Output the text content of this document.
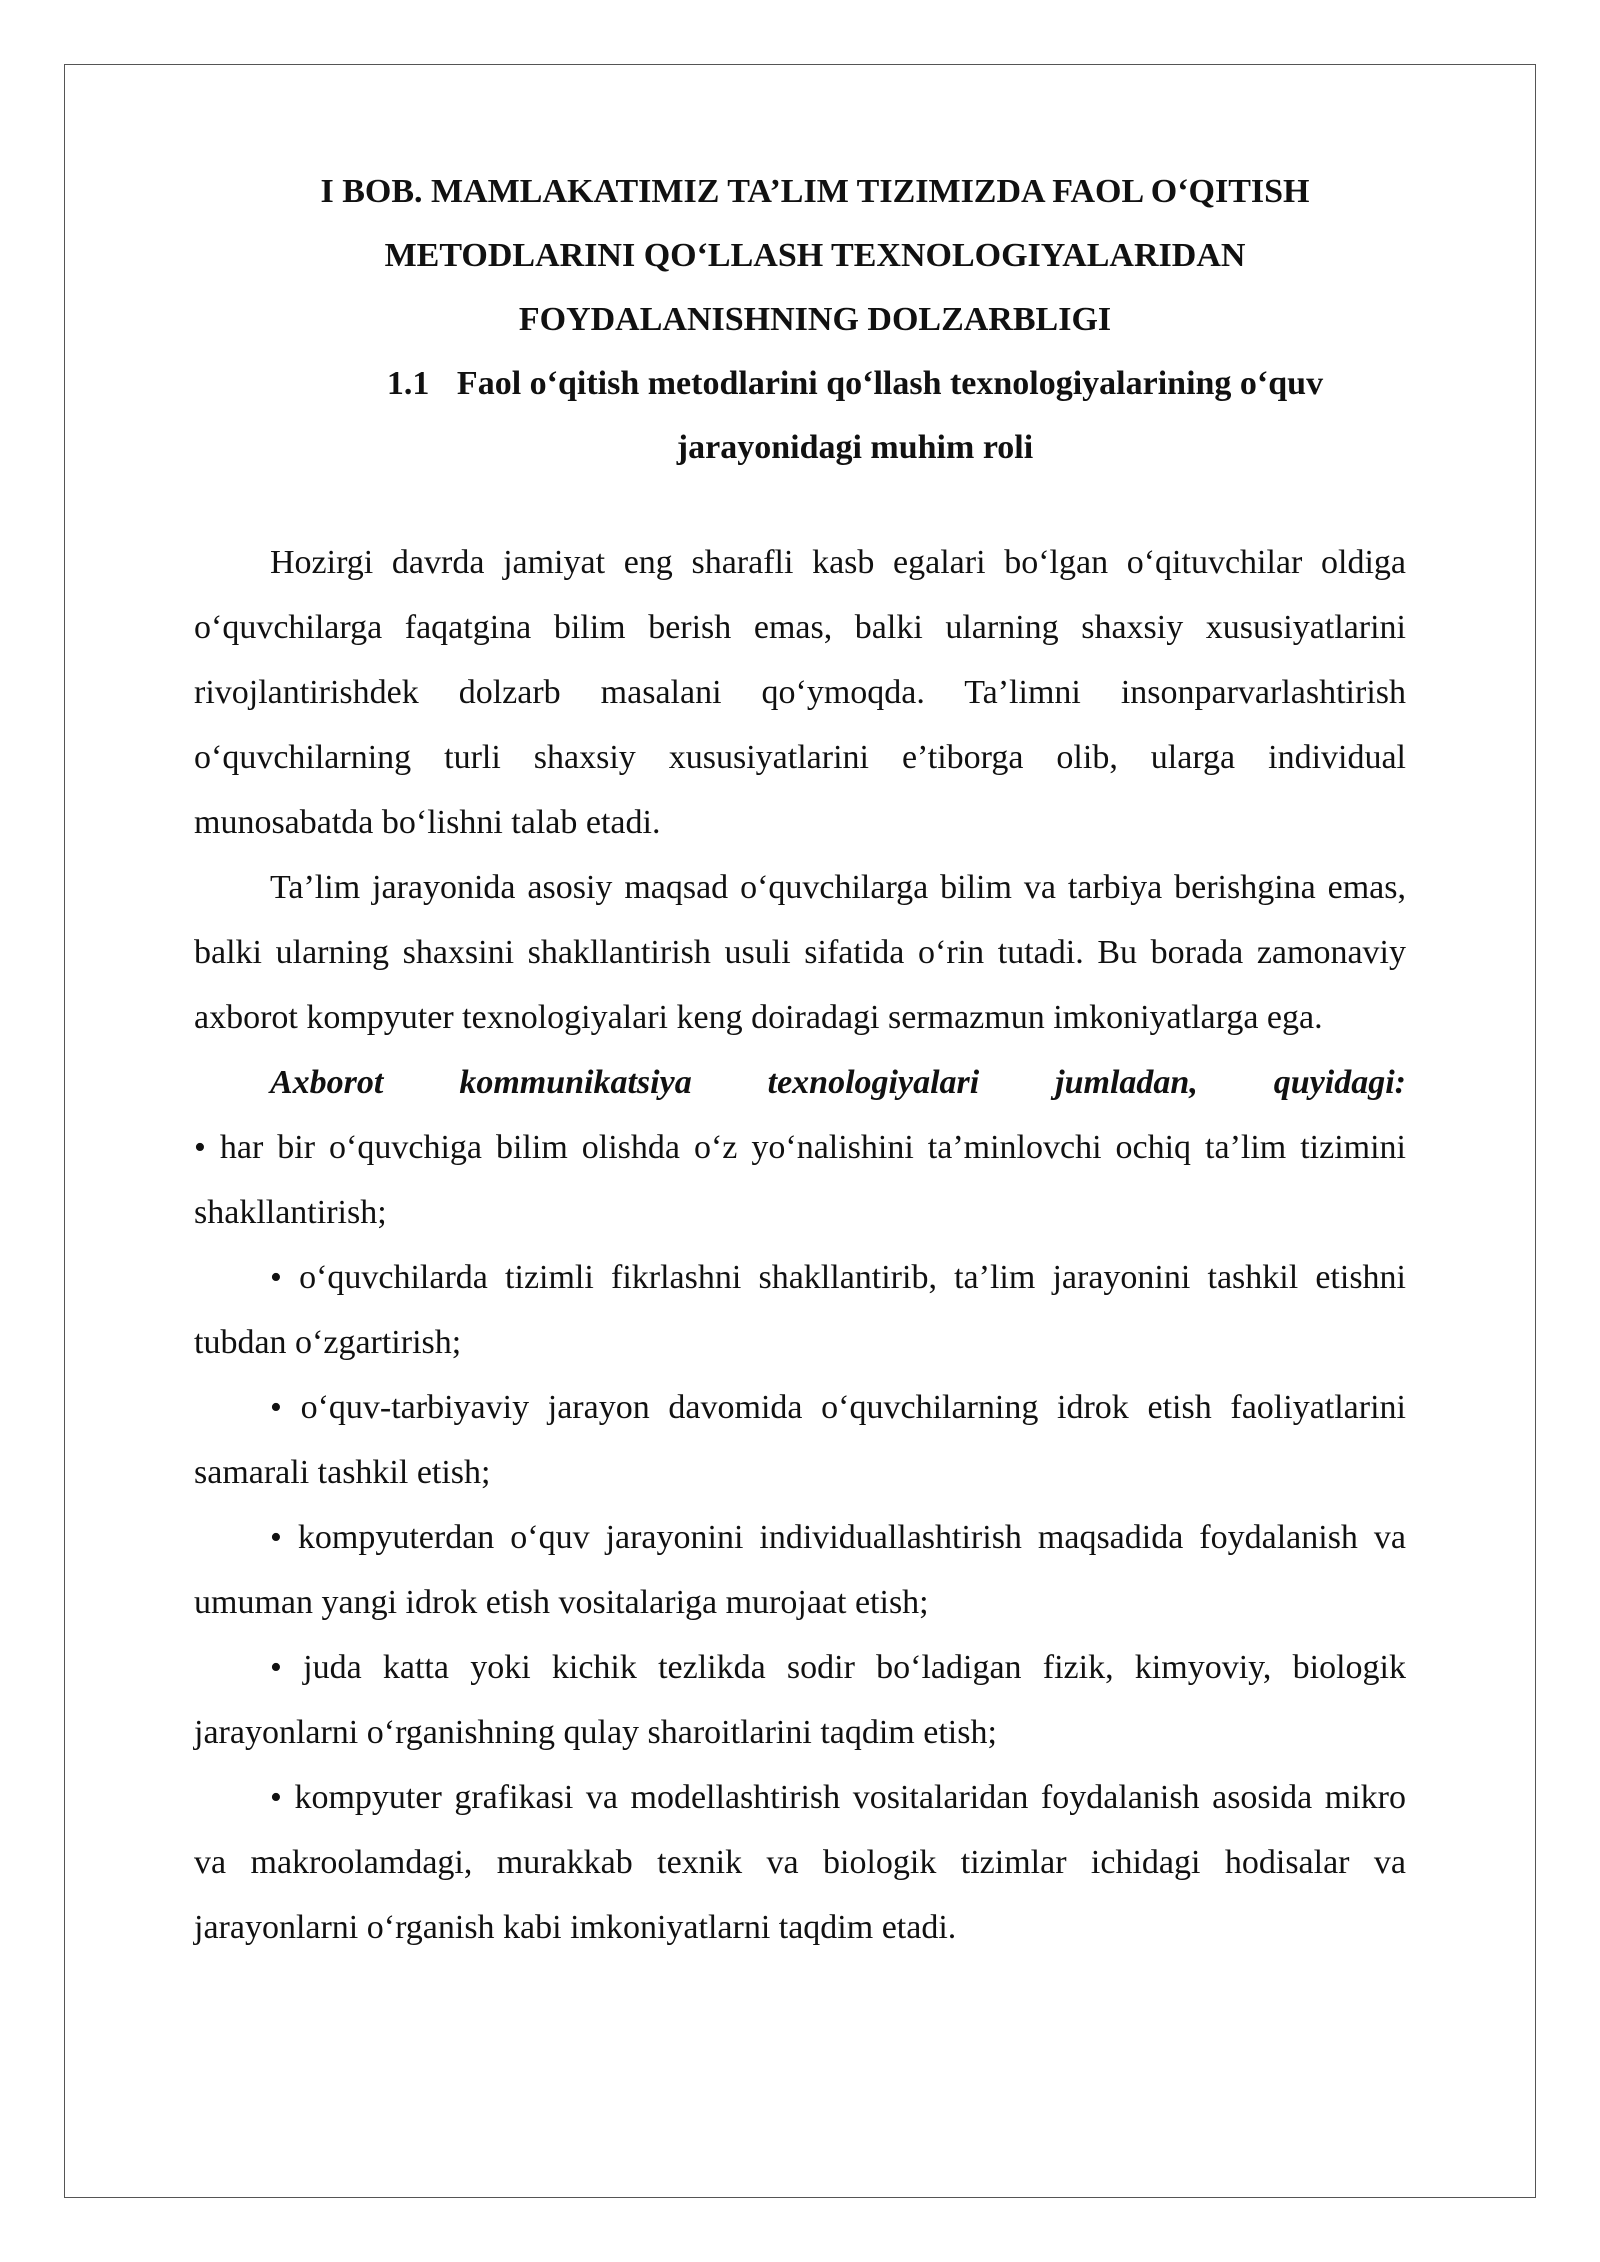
I BOB. MAMLAKATIMIZ TA’LIM TIZIMIZDA FAOL O‘QITISH
METODLARINI QO‘LLASH TEXNOLOGIYALARIDAN
FOYDALANISHNING DOLZARBLIGI
1.1 Faol o‘qitish metodlarini qo‘llash texnologiyalarining o‘quv
jarayonidagi muhim roli

Hozirgi davrda jamiyat eng sharafli kasb egalari bo‘lgan o‘qituvchilar oldiga o‘quvchilarga faqatgina bilim berish emas, balki ularning shaxsiy xususiyatlarini rivojlantirishdek dolzarb masalani qo‘ymoqda. Ta’limni insonparvarlashtirish o‘quvchilarning turli shaxsiy xususiyatlarini e’tiborga olib, ularga individual munosabatda bo‘lishni talab etadi.

Ta’lim jarayonida asosiy maqsad o‘quvchilarga bilim va tarbiya berishgina emas, balki ularning shaxsini shakllantirish usuli sifatida o‘rin tutadi. Bu borada zamonaviy axborot kompyuter texnologiyalari keng doiradagi sermazmun imkoniyatlarga ega.

Axborot kommunikatsiya texnologiyalari jumladan, quyidagi:

• har bir o‘quvchiga bilim olishda o‘z yo‘nalishini ta’minlovchi ochiq ta’lim tizimini shakllantirish;

• o‘quvchilarda tizimli fikrlashni shakllantirib, ta’lim jarayonini tashkil etishni tubdan o‘zgartirish;

• o‘quv-tarbiyaviy jarayon davomida o‘quvchilarning idrok etish faoliyatlarini samarali tashkil etish;

• kompyuterdan o‘quv jarayonini individuallashtirish maqsadida foydalanish va umuman yangi idrok etish vositalariga murojaat etish;

• juda katta yoki kichik tezlikda sodir bo‘ladigan fizik, kimyoviy, biologik jarayonlarni o‘rganishning qulay sharoitlarini taqdim etish;

• kompyuter grafikasi va modellashtirish vositalaridan foydalanish asosida mikro va makroolamdagi, murakkab texnik va biologik tizimlar ichidagi hodisalar va jarayonlarni o‘rganish kabi imkoniyatlarni taqdim etadi.
